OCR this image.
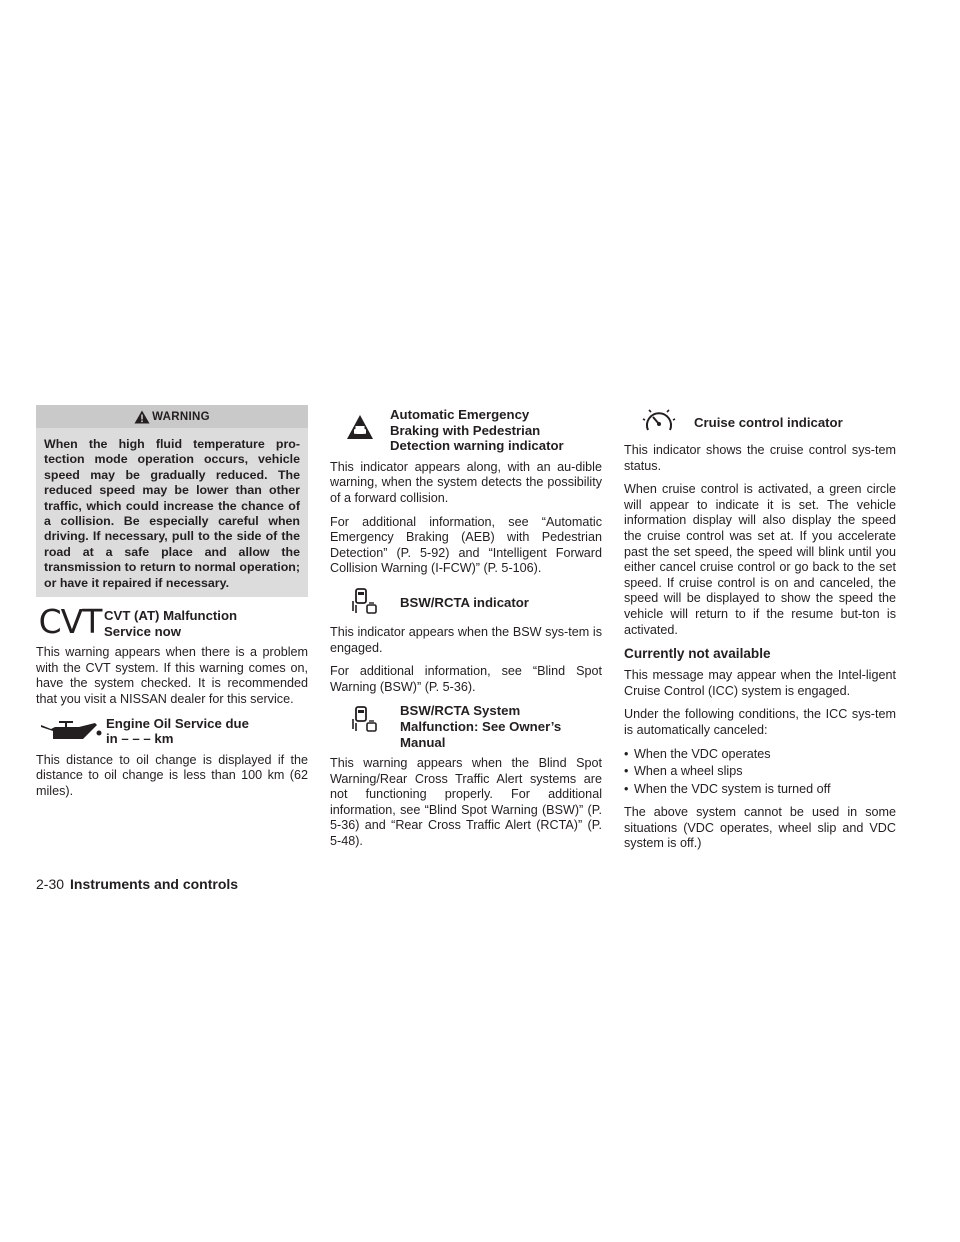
WARNING
When the high fluid temperature pro-tection mode operation occurs, vehicle speed may be gradually reduced. The reduced speed may be lower than other traffic, which could increase the chance of a collision. Be especially careful when driving. If necessary, pull to the side of the road at a safe place and allow the transmission to return to normal operation; or have it repaired if necessary.
CVT CVT (AT) Malfunction Service now

This warning appears when there is a problem with the CVT system. If this warning comes on, have the system checked. It is recommended that you visit a NISSAN dealer for this service.

Engine Oil Service due in – – – km

This distance to oil change is displayed if the distance to oil change is less than 100 km (62 miles).

Automatic Emergency Braking with Pedestrian Detection warning indicator

This indicator appears along, with an au-dible warning, when the system detects the possibility of a forward collision.

For additional information, see “Automatic Emergency Braking (AEB) with Pedestrian Detection” (P. 5-92) and “Intelligent Forward Collision Warning (I-FCW)” (P. 5-106).

BSW/RCTA indicator

This indicator appears when the BSW sys-tem is engaged.

For additional information, see “Blind Spot Warning (BSW)” (P. 5-36).

BSW/RCTA System Malfunction: See Owner’s Manual

This warning appears when the Blind Spot Warning/Rear Cross Traffic Alert systems are not functioning properly. For additional information, see “Blind Spot Warning (BSW)” (P. 5-36) and “Rear Cross Traffic Alert (RCTA)” (P. 5-48).

Cruise control indicator

This indicator shows the cruise control sys-tem status.

When cruise control is activated, a green circle will appear to indicate it is set. The vehicle information display will also display the speed the cruise control was set at. If you accelerate past the set speed, the speed will blink until you either cancel cruise control or go back to the set speed. If cruise control is on and canceled, the speed will be displayed to show the speed the vehicle will return to if the resume but-ton is activated.

Currently not available

This message may appear when the Intel-ligent Cruise Control (ICC) system is engaged.

Under the following conditions, the ICC sys-tem is automatically canceled:

• When the VDC operates
• When a wheel slips
• When the VDC system is turned off

The above system cannot be used in some situations (VDC operates, wheel slip and VDC system is off.)

2-30 Instruments and controls
